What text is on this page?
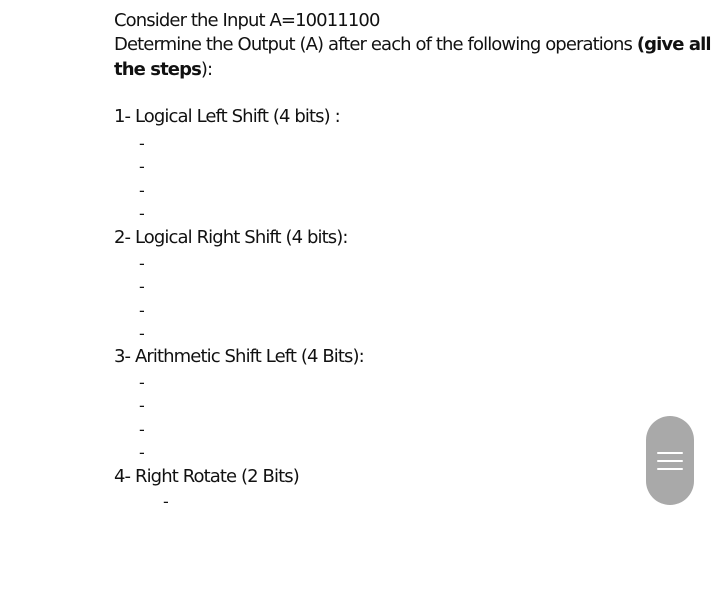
Consider the Input A=10011100
Determine the Output (A) after each of the following operations (give all
the steps):
1- Logical Left Shift (4 bits) :
-
-
-
-
2- Logical Right Shift (4 bits):
-
-
-
-
3- Arithmetic Shift Left (4 Bits):
-
-
-
-
4- Right Rotate (2 Bits)
-
